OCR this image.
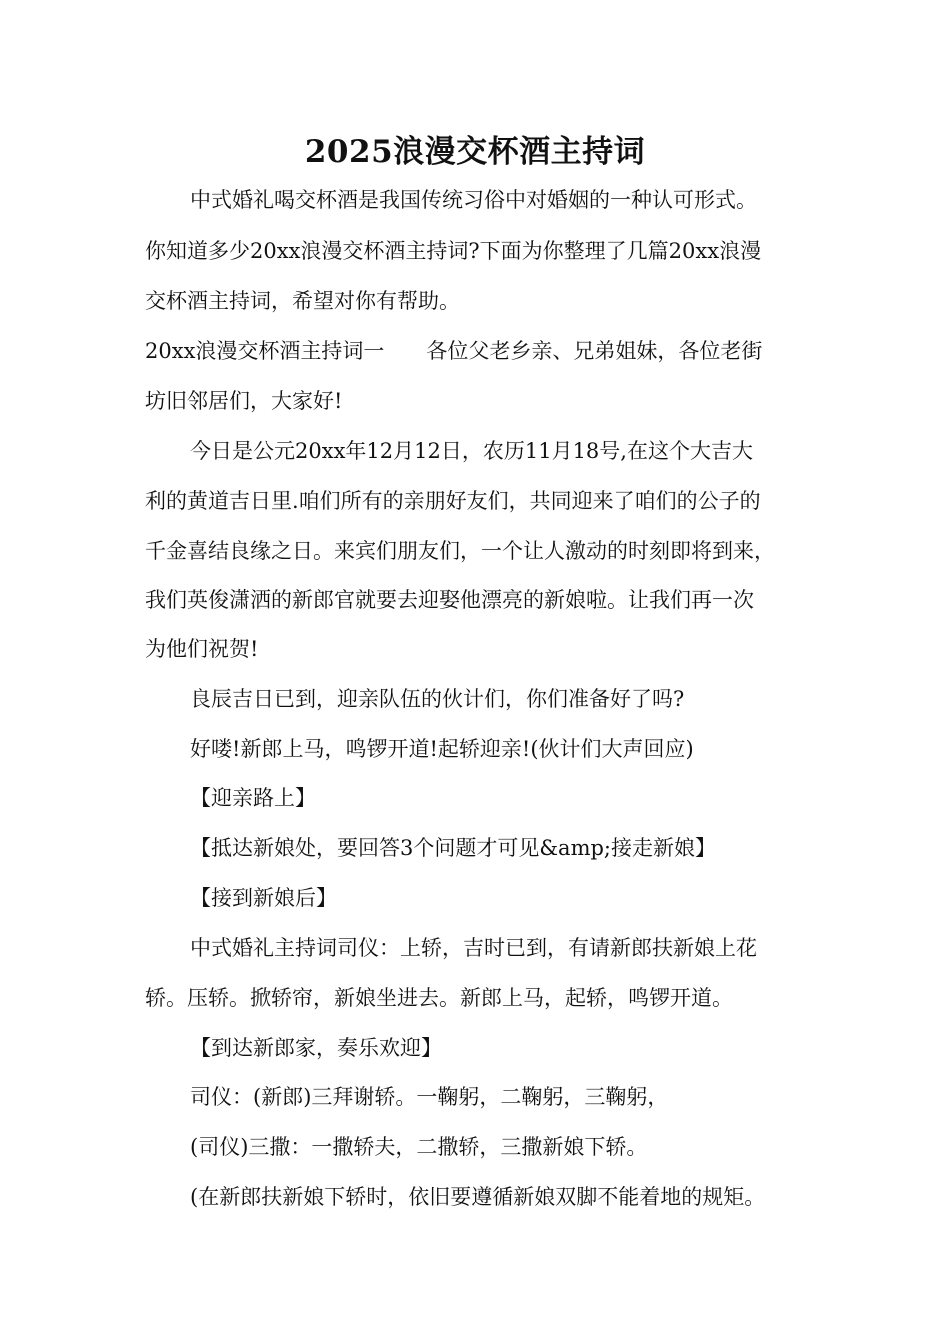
2025浪漫交杯酒主持词
中式婚礼喝交杯酒是我国传统习俗中对婚姻的一种认可形式。
你知道多少20xx浪漫交杯酒主持词?下面为你整理了几篇20xx浪漫
交杯酒主持词，希望对你有帮助。
20xx浪漫交杯酒主持词一　　各位父老乡亲、兄弟姐妹，各位老街
坊旧邻居们，大家好!
今日是公元20xx年12月12日，农历11月18号,在这个大吉大
利的黄道吉日里.咱们所有的亲朋好友们，共同迎来了咱们的公子的
千金喜结良缘之日。来宾们朋友们，一个让人激动的时刻即将到来，
我们英俊潇洒的新郎官就要去迎娶他漂亮的新娘啦。让我们再一次
为他们祝贺!
良辰吉日已到，迎亲队伍的伙计们，你们准备好了吗?
好喽!新郎上马，鸣锣开道!起轿迎亲!(伙计们大声回应)
【迎亲路上】
【抵达新娘处，要回答3个问题才可见&amp;接走新娘】
【接到新娘后】
中式婚礼主持词司仪：上轿，吉时已到，有请新郎扶新娘上花
轿。压轿。掀轿帘，新娘坐进去。新郎上马，起轿，鸣锣开道。
【到达新郎家，奏乐欢迎】
司仪：(新郎)三拜谢轿。一鞠躬，二鞠躬，三鞠躬，
(司仪)三撒：一撒轿夫，二撒轿，三撒新娘下轿。
(在新郎扶新娘下轿时，依旧要遵循新娘双脚不能着地的规矩。
